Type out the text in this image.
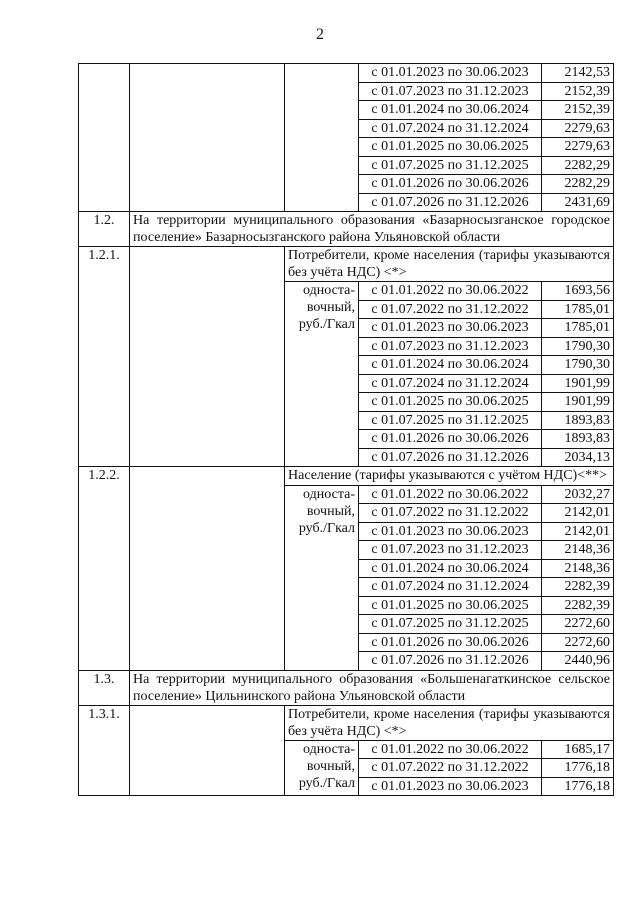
2
			с 01.01.2023 по 30.06.2023	2142,53
			с 01.07.2023 по 31.12.2023	2152,39
			с 01.01.2024 по 30.06.2024	2152,39
			с 01.07.2024 по 31.12.2024	2279,63
			с 01.01.2025 по 30.06.2025	2279,63
			с 01.07.2025 по 31.12.2025	2282,29
			с 01.01.2026 по 30.06.2026	2282,29
			с 01.07.2026 по 31.12.2026	2431,69
1.2.	На территории муниципального образования «Базарносызганское городское поселение» Базарносызганского района Ульяновской области			
1.2.1.		Потребители, кроме населения (тарифы указываются без учёта НДС) <*>		
		односта-вочный, руб./Гкал	с 01.01.2022 по 30.06.2022	1693,56
			с 01.07.2022 по 31.12.2022	1785,01
			с 01.01.2023 по 30.06.2023	1785,01
			с 01.07.2023 по 31.12.2023	1790,30
			с 01.01.2024 по 30.06.2024	1790,30
			с 01.07.2024 по 31.12.2024	1901,99
			с 01.01.2025 по 30.06.2025	1901,99
			с 01.07.2025 по 31.12.2025	1893,83
			с 01.01.2026 по 30.06.2026	1893,83
			с 01.07.2026 по 31.12.2026	2034,13
1.2.2.		Население (тарифы указываются с учётом НДС)<**>		
		односта-вочный, руб./Гкал	с 01.01.2022 по 30.06.2022	2032,27
			с 01.07.2022 по 31.12.2022	2142,01
			с 01.01.2023 по 30.06.2023	2142,01
			с 01.07.2023 по 31.12.2023	2148,36
			с 01.01.2024 по 30.06.2024	2148,36
			с 01.07.2024 по 31.12.2024	2282,39
			с 01.01.2025 по 30.06.2025	2282,39
			с 01.07.2025 по 31.12.2025	2272,60
			с 01.01.2026 по 30.06.2026	2272,60
			с 01.07.2026 по 31.12.2026	2440,96
1.3.	На территории муниципального образования «Большенагаткинское сельское поселение» Цильнинского района Ульяновской области			
1.3.1.		Потребители, кроме населения (тарифы указываются без учёта НДС) <*>		
		односта-вочный, руб./Гкал	с 01.01.2022 по 30.06.2022	1685,17
			с 01.07.2022 по 31.12.2022	1776,18
			с 01.01.2023 по 30.06.2023	1776,18
